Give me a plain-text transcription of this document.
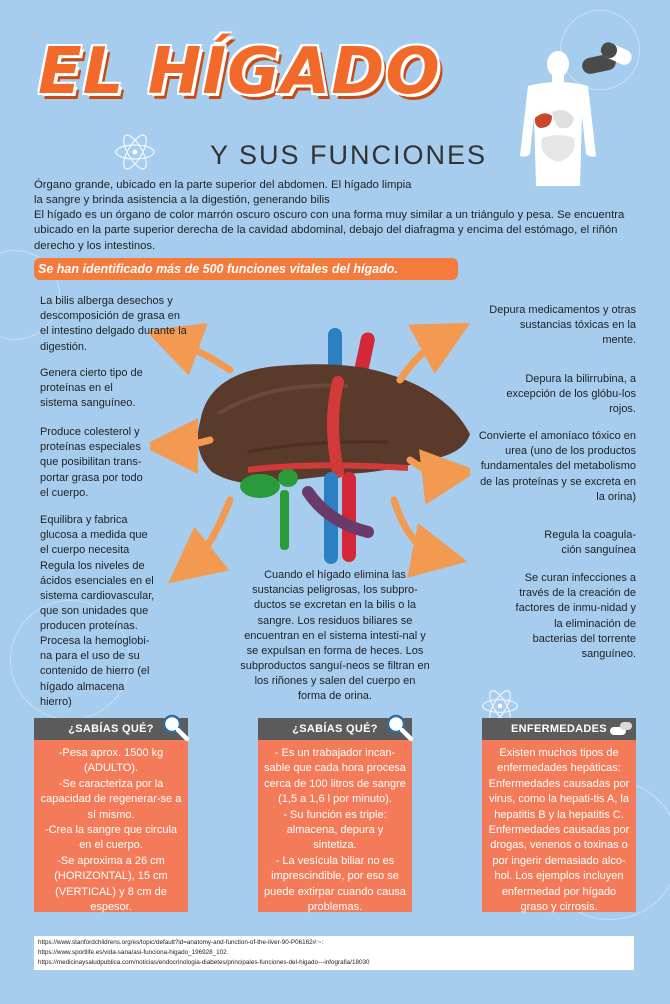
EL HÍGADO
Y SUS FUNCIONES

Órgano grande, ubicado en la parte superior del abdomen. El hígado limpia

la sangre y brinda asistencia a la digestión, generando bilis

El hígado es un órgano de color marrón oscuro oscuro con una forma muy similar a un triángulo y pesa. Se encuentra ubicado en la parte superior derecha de la cavidad abdominal, debajo del diafragma y encima del estómago, el riñón derecho y los intestinos.

Se han identificado más de 500 funciones vitales del hígado.
La bilis alberga desechos y descomposición de grasa en el intestino delgado durante la digestión.
Genera cierto tipo de proteínas en el sistema sanguíneo.
Produce colesterol y proteínas especiales que posibilitan trans-portar grasa por todo el cuerpo.
Equilibra y fabrica glucosa a medida que el cuerpo necesita Regula los niveles de ácidos esenciales en el sistema cardiovascular, que son unidades que producen proteínas.
Procesa la hemoglobi-na para el uso de su contenido de hierro (el hígado almacena hierro)
Depura medicamentos y otras sustancias tóxicas en la mente.
Depura la bilirrubina, a excepción de los glóbu-los rojos.
Convierte el amoníaco tóxico en urea (uno de los productos fundamentales del metabolismo de las proteínas y se excreta en la orina)
Regula la coagula-ción sanguínea
Se curan infecciones a través de la creación de factores de inmu-nidad y la eliminación de bacterias del torrente sanguíneo.
Cuando el hígado elimina las sustancias peligrosas, los subpro-ductos se excretan en la bilis o la sangre. Los residuos biliares se encuentran en el sistema intesti-nal y se expulsan en forma de heces. Los subproductos sanguí-neos se filtran en los riñones y salen del cuerpo en forma de orina.
¿SABÍAS QUÉ?
-Pesa aprox. 1500 kg (ADULTO).
-Se caracteriza por la capacidad de regenerar-se a sí mismo.
-Crea la sangre que circula en el cuerpo.
-Se aproxima a 26 cm (HORIZONTAL), 15 cm (VERTICAL) y 8 cm de espesor.
¿SABÍAS QUÉ?
- Es un trabajador incan-sable que cada hora procesa cerca de 100 litros de sangre (1,5 a 1,6 l por minuto).
- Su función es triple: almacena, depura y sintetiza.
- La vesícula biliar no es imprescindible, por eso se puede extirpar cuando causa problemas.
ENFERMEDADES
Existen muchos tipos de enfermedades hepáticas: Enfermedades causadas por virus, como la hepati-tis A, la hepatitis B y la hepatitis C. Enfermedades causadas por drogas, venenos o toxinas o por ingerir demasiado alco-hol. Los ejemplos incluyen enfermedad por hígado graso y cirrosis.
https://www.stanfordchildrens.org/es/topic/default?id=anatomy-and-function-of-the-liver-90-P06162#:~:
https://www.sportlife.es/vida-sana/asi-funciona-higado_196928_102.
https://medicinaysaludpublica.com/noticias/endocrinologia-diabetes/principales-funciones-del-higado---infografia/18030
